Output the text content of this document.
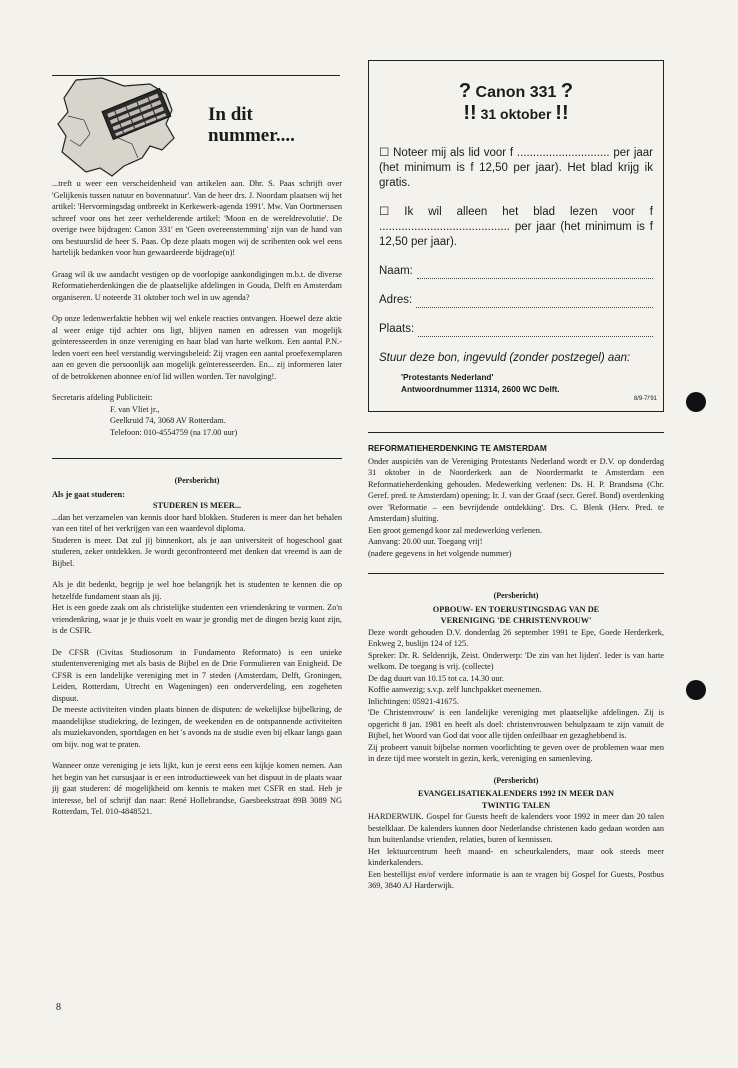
In dit
nummer....

...treft u weer een verscheidenheid van artikelen aan. Dhr. S. Paas schrijft over 'Gelijkenis tussen natuur en bovennatuur'. Van de heer drs. J. Noordam plaatsen wij het artikel: 'Hervormingsdag ontbreekt in Kerkewerk-agenda 1991'. Mw. Van Oortmerssen schreef voor ons het zeer verhelderende artikel: 'Moon en de wereldrevolutie'. De overige twee bijdragen: Canon 331' en 'Geen overeenstemming' zijn van de hand van ons bestuurslid de heer S. Paas. Op deze plaats mogen wij de scribenten ook wel eens hartelijk bedanken voor hun gewaardeerde bijdrage(n)!

Graag wil ik uw aandacht vestigen op de voorlopige aankondigingen m.b.t. de diverse Reformatieherdenkingen die de plaatselijke afdelingen in Gouda, Delft en Amsterdam organiseren. U noteerde 31 oktober toch wel in uw agenda?

Op onze ledenwerfaktie hebben wij wel enkele reacties ontvangen. Hoewel deze aktie al weer enige tijd achter ons ligt, blijven namen en adressen van mogelijk geïnteresseerden in onze vereniging en haar blad van harte welkom. Een aantal P.N.-leden voert een heel verstandig wervingsbeleid: Zij vragen een aantal proefexemplaren aan en geven die persoonlijk aan mogelijk geïnteresseerden. En... zij informeren later of de betrokkenen abonnee en/of lid willen worden. Ter navolging!.

Secretaris afdeling Publiciteit:
F. van Vliet jr.,
Geelkruid 74, 3068 AV Rotterdam.
Telefoon: 010-4554759 (na 17.00 uur)
(Persbericht)
Als je gaat studeren:
STUDEREN IS MEER...
...dan het verzamelen van kennis door hard blokken. Studeren is meer dan het behalen van een titel of het verkrijgen van een waardevol diploma.

Studeren is meer. Dat zul jij binnenkort, als je aan universiteit of hogeschool gaat studeren, zeker ontdekken. Je wordt geconfronteerd met denken dat vreemd is aan de Bijbel.

Als je dit bedenkt, begrijp je wel hoe belangrijk het is studenten te kennen die op hetzelfde fundament staan als jij.

Het is een goede zaak om als christelijke studenten een vriendenkring te vormen. Zo'n vriendenkring, waar je je thuis voelt en waar je grondig met de dingen bezig kunt zijn, is de CSFR.

De CFSR (Civitas Studiosorum in Fundamento Reformato) is een unieke studentenvereniging met als basis de Bijbel en de Drie Formulieren van Enigheid. De CFSR is een landelijke vereniging met in 7 steden (Amsterdam, Delft, Groningen, Leiden, Rotterdam, Utrecht en Wageningen) een onderverdeling, een zogeheten dispuut.

De meeste activiteiten vinden plaats binnen de disputen: de wekelijkse bijbelkring, de maandelijkse studiekring, de lezingen, de weekenden en de ontspannende activiteiten als muziekavonden, sportdagen en het 's avonds na de studie even bij elkaar langs gaan om bijv. nog wat te praten.

Wanneer onze vereniging je iets lijkt, kun je eerst eens een kijkje komen nemen. Aan het begin van het cursusjaar is er een introductieweek van het dispuut in de plaats waar jij gaat studeren: dé mogelijkheid om kennis te maken met CSFR en stad. Heb je interesse, bel of schrijf dan naar: René Hollebrandse, Gaesbeekstraat 89B 3089 NG Rotterdam, Tel. 010-4848521.

8
? Canon 331 ?
!! 31 oktober !!
☐ Noteer mij als lid voor f ............................. per jaar (het minimum is f 12,50 per jaar). Het blad krijg ik gratis.
☐ Ik wil alleen het blad lezen voor f ......................................... per jaar (het minimum is f 12,50 per jaar).
Naam:
Adres:
Plaats:
Stuur deze bon, ingevuld (zonder postzegel) aan:
'Protestants Nederland'
Antwoordnummer 11314, 2600 WC Delft.
8/9-7/'91
REFORMATIEHERDENKING TE AMSTERDAM
Onder auspiciën van de Vereniging Protestants Nederland wordt er D.V. op donderdag 31 oktober in de Noorderkerk aan de Noordermarkt te Amsterdam een Reformatieherdenking gehouden. Medewerking verlenen: Ds. H. P. Brandsma (Chr. Geref. pred. te Amsterdam) opening; Ir. J. van der Graaf (secr. Geref. Bond) overdenking over 'Reformatie – een bevrijdende ontdekking'. Drs. C. Blenk (Herv. Pred. te Amsterdam) sluiting.
Een groot gemengd koor zal medewerking verlenen.
Aanvang: 20.00 uur. Toegang vrij!
(nadere gegevens in het volgende nummer)
(Persbericht)
OPBOUW- EN TOERUSTINGSDAG VAN DE
VERENIGING 'DE CHRISTENVROUW'
Deze wordt gehouden D.V. donderdag 26 september 1991 te Epe, Goede Herderkerk, Enkweg 2, buslijn 124 of 125.
Spreker: Dr. R. Seldenrijk, Zeist. Onderwerp: 'De zin van het lijden'. Ieder is van harte welkom. De toegang is vrij. (collecte)
De dag duurt van 10.15 tot ca. 14.30 uur.
Koffie aanwezig; s.v.p. zelf lunchpakket meenemen.
Inlichtingen: 05921-41675.
'De Christenvrouw' is een landelijke vereniging met plaatselijke afdelingen. Zij is opgericht 8 jan. 1981 en heeft als doel: christenvrouwen behulpzaam te zijn vanuit de Bijbel, het Woord van God dat voor alle tijden onfeilbaar en gezaghebbend is.

Zij probeert vanuit bijbelse normen voorlichting te geven over de problemen waar men in deze tijd mee worstelt in gezin, kerk, vereniging en samenleving.

(Persbericht)
EVANGELISATIEKALENDERS 1992 IN MEER DAN
TWINTIG TALEN
HARDERWIJK. Gospel for Guests heeft de kalenders voor 1992 in meer dan 20 talen bestelklaar. De kalenders kunnen door Nederlandse christenen kado gedaan worden aan hun buitenlandse vrienden, relaties, buren of kennissen.
Het lektuurcentrum heeft maand- en scheurkalenders, maar ook steeds meer kinderkalenders.
Een bestellijst en/of verdere informatie is aan te vragen bij Gospel for Guests, Postbus 369, 3840 AJ Harderwijk.
